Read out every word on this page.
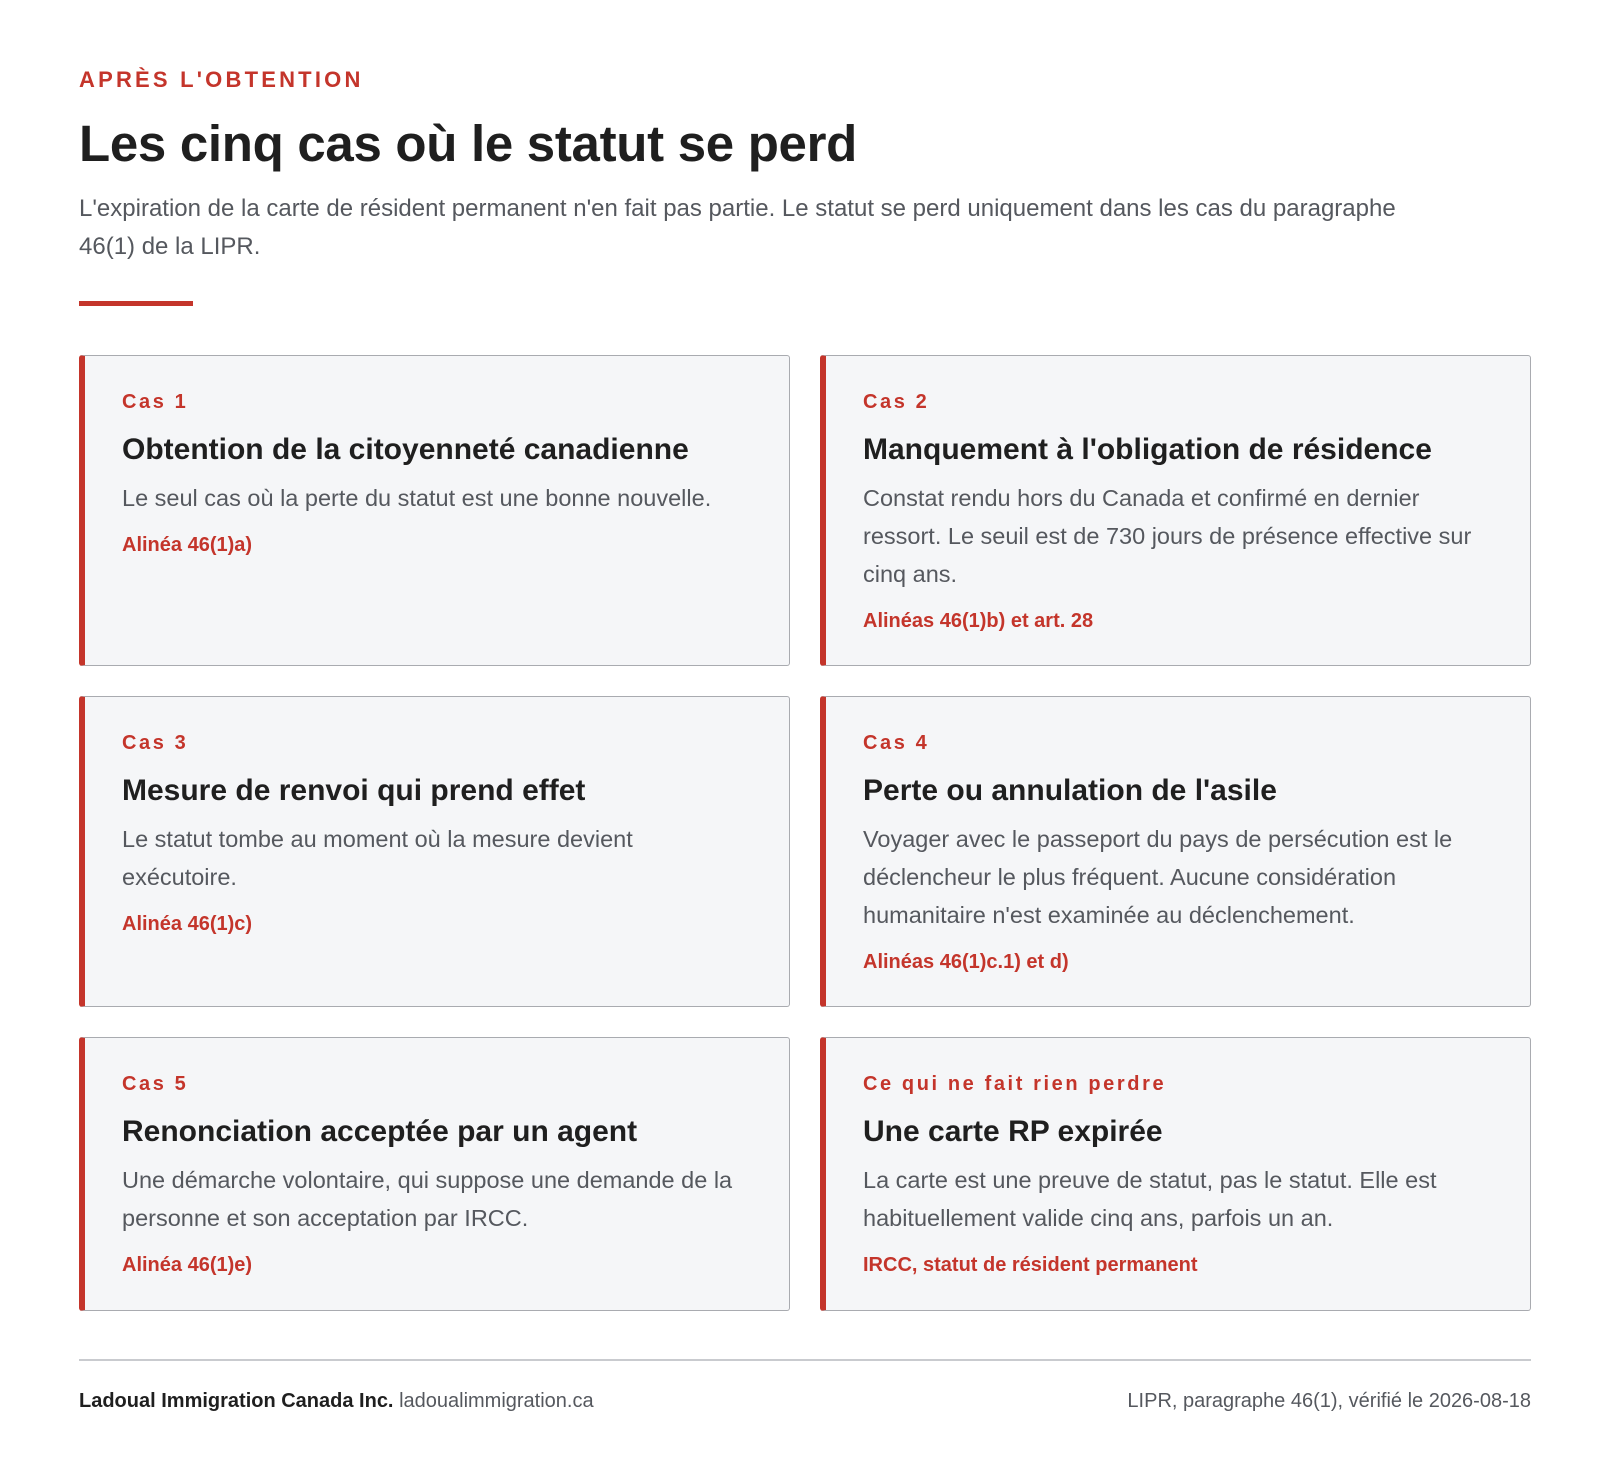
APRÈS L'OBTENTION

Les cinq cas où le statut se perd

L'expiration de la carte de résident permanent n'en fait pas partie. Le statut se perd uniquement dans les cas du paragraphe 46(1) de la LIPR.

Cas 1

Obtention de la citoyenneté canadienne

Le seul cas où la perte du statut est une bonne nouvelle.

Alinéa 46(1)a)

Cas 2

Manquement à l'obligation de résidence

Constat rendu hors du Canada et confirmé en dernier ressort. Le seuil est de 730 jours de présence effective sur cinq ans.

Alinéas 46(1)b) et art. 28

Cas 3

Mesure de renvoi qui prend effet

Le statut tombe au moment où la mesure devient exécutoire.

Alinéa 46(1)c)

Cas 4

Perte ou annulation de l'asile

Voyager avec le passeport du pays de persécution est le déclencheur le plus fréquent. Aucune considération humanitaire n'est examinée au déclenchement.

Alinéas 46(1)c.1) et d)

Cas 5

Renonciation acceptée par un agent

Une démarche volontaire, qui suppose une demande de la personne et son acceptation par IRCC.

Alinéa 46(1)e)

Ce qui ne fait rien perdre

Une carte RP expirée

La carte est une preuve de statut, pas le statut. Elle est habituellement valide cinq ans, parfois un an.

IRCC, statut de résident permanent

Ladoual Immigration Canada Inc. ladoualimmigration.ca	LIPR, paragraphe 46(1), vérifié le 2026-08-18
